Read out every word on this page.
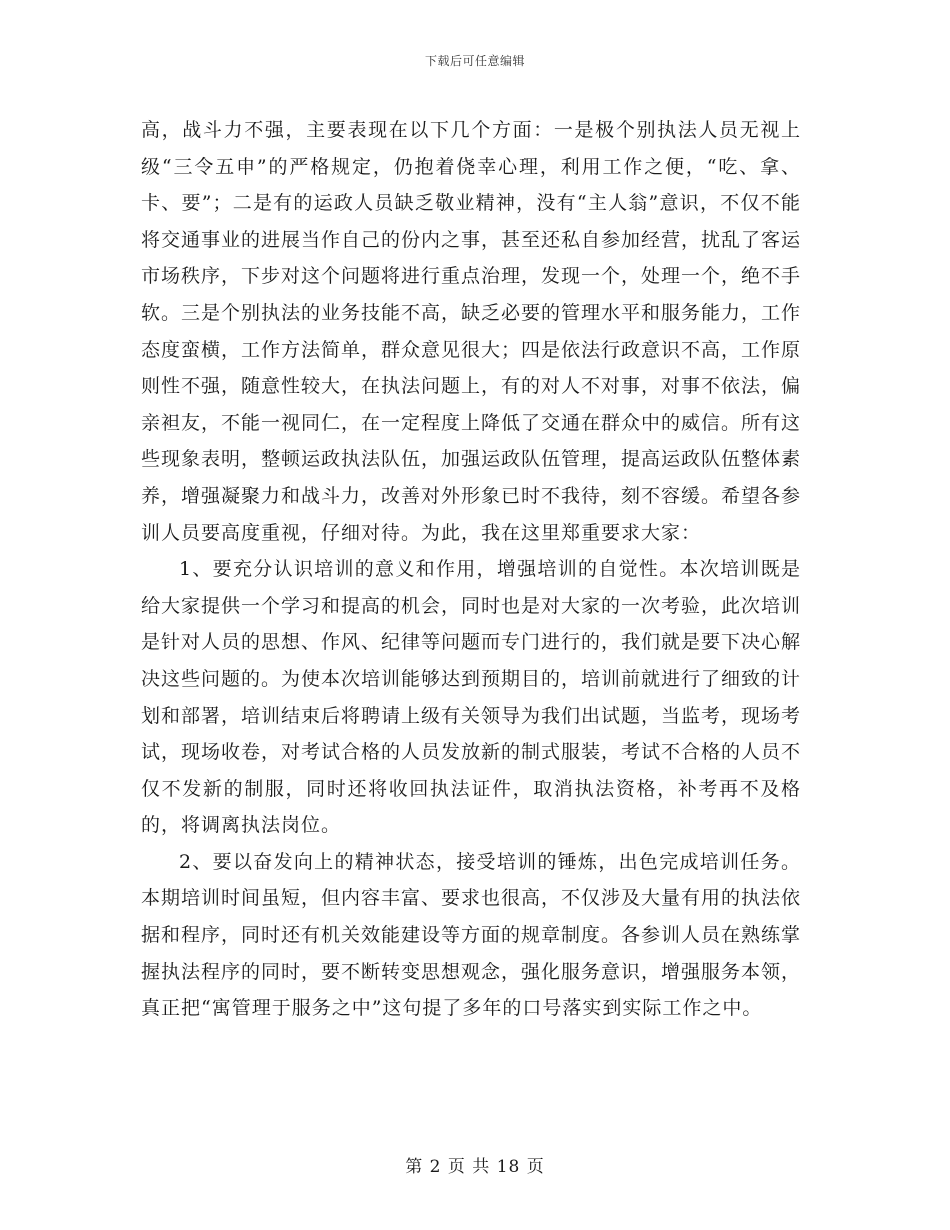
下载后可任意编辑

高，战斗力不强，主要表现在以下几个方面：一是极个别执法人员无视上级“三令五申”的严格规定，仍抱着侥幸心理，利用工作之便，“吃、拿、卡、要”；二是有的运政人员缺乏敬业精神，没有“主人翁”意识，不仅不能将交通事业的进展当作自己的份内之事，甚至还私自参加经营，扰乱了客运市场秩序，下步对这个问题将进行重点治理，发现一个，处理一个，绝不手软。三是个别执法的业务技能不高，缺乏必要的管理水平和服务能力，工作态度蛮横，工作方法简单，群众意见很大；四是依法行政意识不高，工作原则性不强，随意性较大，在执法问题上，有的对人不对事，对事不依法，偏亲袒友，不能一视同仁，在一定程度上降低了交通在群众中的威信。所有这些现象表明，整顿运政执法队伍，加强运政队伍管理，提高运政队伍整体素养，增强凝聚力和战斗力，改善对外形象已时不我待，刻不容缓。希望各参训人员要高度重视，仔细对待。为此，我在这里郑重要求大家：

1、要充分认识培训的意义和作用，增强培训的自觉性。本次培训既是给大家提供一个学习和提高的机会，同时也是对大家的一次考验，此次培训是针对人员的思想、作风、纪律等问题而专门进行的，我们就是要下决心解决这些问题的。为使本次培训能够达到预期目的，培训前就进行了细致的计划和部署，培训结束后将聘请上级有关领导为我们出试题，当监考，现场考试，现场收卷，对考试合格的人员发放新的制式服装，考试不合格的人员不仅不发新的制服，同时还将收回执法证件，取消执法资格，补考再不及格的，将调离执法岗位。

2、要以奋发向上的精神状态，接受培训的锤炼，出色完成培训任务。本期培训时间虽短，但内容丰富、要求也很高，不仅涉及大量有用的执法依据和程序，同时还有机关效能建设等方面的规章制度。各参训人员在熟练掌握执法程序的同时，要不断转变思想观念，强化服务意识，增强服务本领，真正把“寓管理于服务之中”这句提了多年的口号落实到实际工作之中。

第 2 页 共 18 页
